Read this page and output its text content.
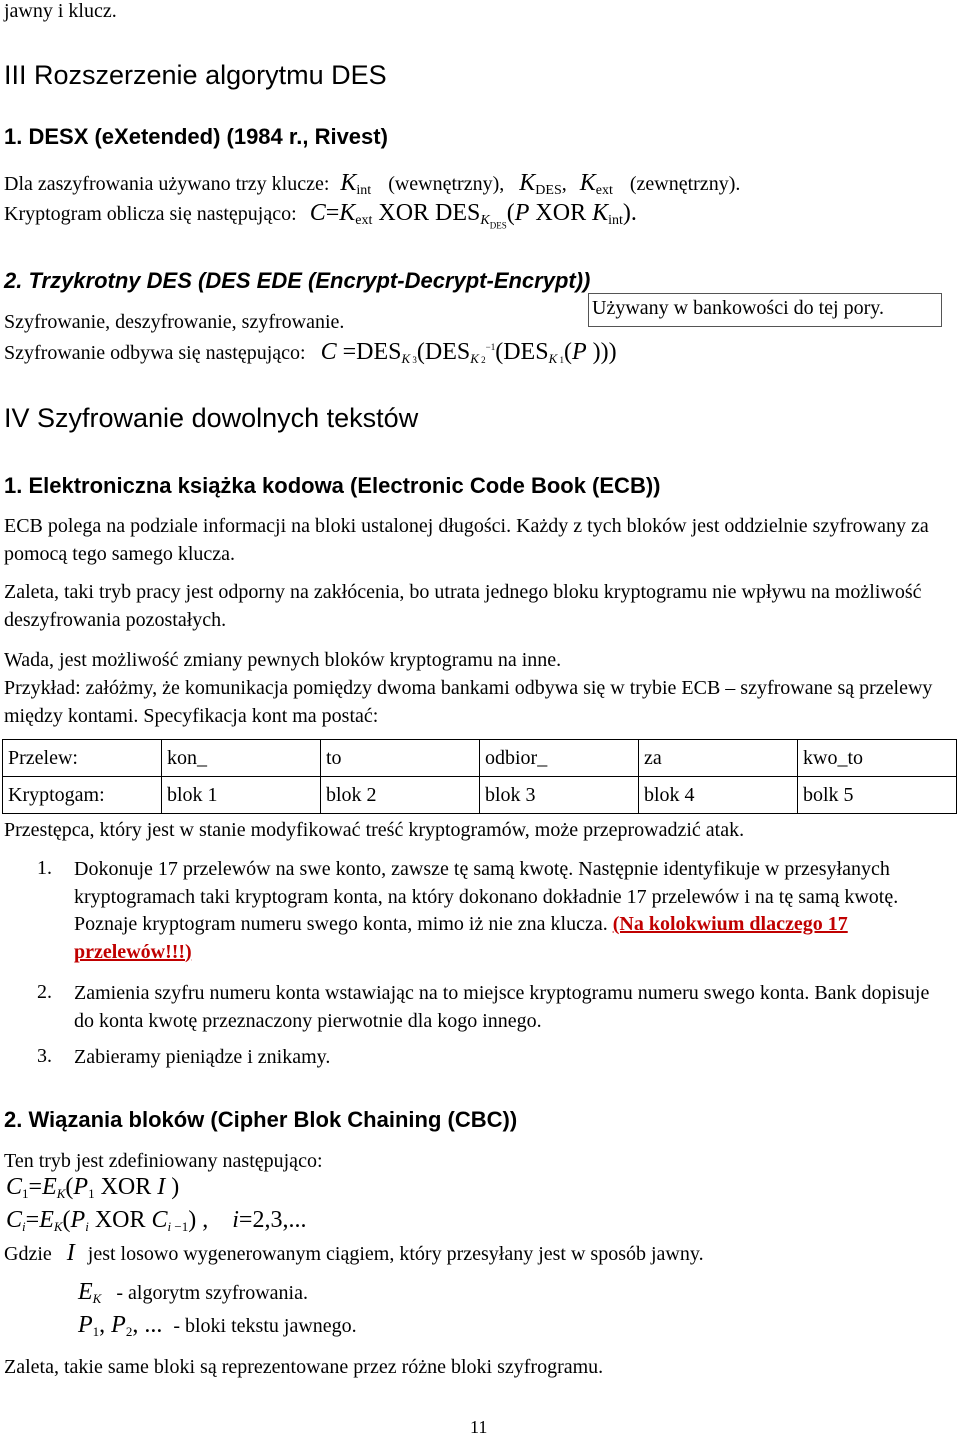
jawny i klucz.
III Rozszerzenie algorytmu DES
1. DESX (eXetended) (1984 r., Rivest)
Dla zaszyfrowania używano trzy klucze: $K_{int}$ (wewnętrzny), $K_{DES}$, $K_{ext}$ (zewnętrzny).
Kryptogram oblicza się następująco: $C=K_{ext}$ XOR $DES_{K_{DES}}(P$ XOR $K_{int}$).
2. Trzykrotny DES (DES EDE (Encrypt-Decrypt-Encrypt))
Szyfrowanie, deszyfrowanie, szyfrowanie.
Używany w bankowości do tej pory.
Szyfrowanie odbywa się następująco: $C =DES_{K 3}(DES_{K 2}^{-1}(DES_{K 1}(P$ )))
IV Szyfrowanie dowolnych tekstów
1. Elektroniczna książka kodowa (Electronic Code Book (ECB))
ECB polega na podziale informacji na bloki ustalonej długości. Każdy z tych bloków jest oddzielnie szyfrowany za pomocą tego samego klucza.
Zaleta, taki tryb pracy jest odporny na zakłócenia, bo utrata jednego bloku kryptogramu nie wpływu na możliwość deszyfrowania pozostałych.
Wada, jest możliwość zmiany pewnych bloków kryptogramu na inne.
Przykład: załóżmy, że komunikacja pomiędzy dwoma bankami odbywa się w trybie ECB – szyfrowane są przelewy między kontami. Specyfikacja kont ma postać:
Przelew:	kon_	to	odbior_	za	kwo_to
Kryptogam:	blok 1	blok 2	blok 3	blok 4	bolk 5
Przestępca, który jest w stanie modyfikować treść kryptogramów, może przeprowadzić atak.
1. Dokonuje 17 przelewów na swe konto, zawsze tę samą kwotę. Następnie identyfikuje w przesyłanych kryptogramach taki kryptogram konta, na który dokonano dokładnie 17 przelewów i na tę samą kwotę. Poznaje kryptogram numeru swego konta, mimo iż nie zna klucza. (Na kolokwium dlaczego 17 przelewów!!!)
2. Zamienia szyfru numeru konta wstawiając na to miejsce kryptogramu numeru swego konta. Bank dopisuje do konta kwotę przeznaczony pierwotnie dla kogo innego.
3. Zabieramy pieniądze i znikamy.
2. Wiązania bloków (Cipher Blok Chaining (CBC))
Ten tryb jest zdefiniowany następująco:
$C_1=E_K(P_1$ XOR I )
$C_i=E_K(P_i$ XOR $C_{i -1}$) ,    i=2,3,...
Gdzie I jest losowo wygenerowanym ciągiem, który przesyłany jest w sposób jawny.
$E_K$ - algorytm szyfrowania.
$P_1$, $P_2$, ... - bloki tekstu jawnego.
Zaleta, takie same bloki są reprezentowane przez różne bloki szyfrogramu.
11
